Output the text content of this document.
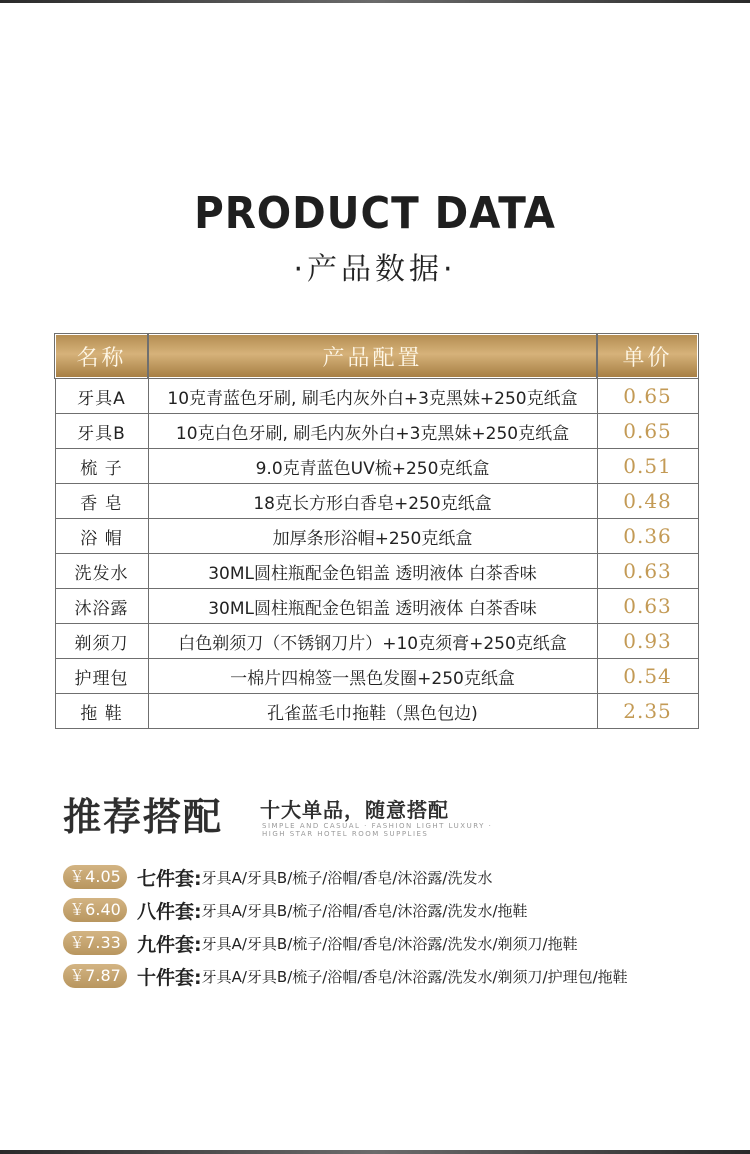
PRODUCT DATA
·产品数据·
名称	产品配置	单价
牙具A	10克青蓝色牙刷, 刷毛内灰外白+3克黑妹+250克纸盒	0.65
牙具B	10克白色牙刷, 刷毛内灰外白+3克黑妹+250克纸盒	0.65
梳 子	9.0克青蓝色UV梳+250克纸盒	0.51
香 皂	18克长方形白香皂+250克纸盒	0.48
浴 帽	加厚条形浴帽+250克纸盒	0.36
洗发水	30ML圆柱瓶配金色铝盖 透明液体 白茶香味	0.63
沐浴露	30ML圆柱瓶配金色铝盖 透明液体 白茶香味	0.63
剃须刀	白色剃须刀（不锈钢刀片）+10克须膏+250克纸盒	0.93
护理包	一棉片四棉签一黑色发圈+250克纸盒	0.54
拖 鞋	孔雀蓝毛巾拖鞋（黑色包边)	2.35
推荐搭配 十大单品，随意搭配
SIMPLE AND CASUAL · FASHION LIGHT LUXURY ·
HIGH STAR HOTEL ROOM SUPPLIES
￥4.05 七件套: 牙具A/牙具B/梳子/浴帽/香皂/沐浴露/洗发水
￥6.40 八件套: 牙具A/牙具B/梳子/浴帽/香皂/沐浴露/洗发水/拖鞋
￥7.33 九件套: 牙具A/牙具B/梳子/浴帽/香皂/沐浴露/洗发水/剃须刀/拖鞋
￥7.87 十件套: 牙具A/牙具B/梳子/浴帽/香皂/沐浴露/洗发水/剃须刀/护理包/拖鞋
